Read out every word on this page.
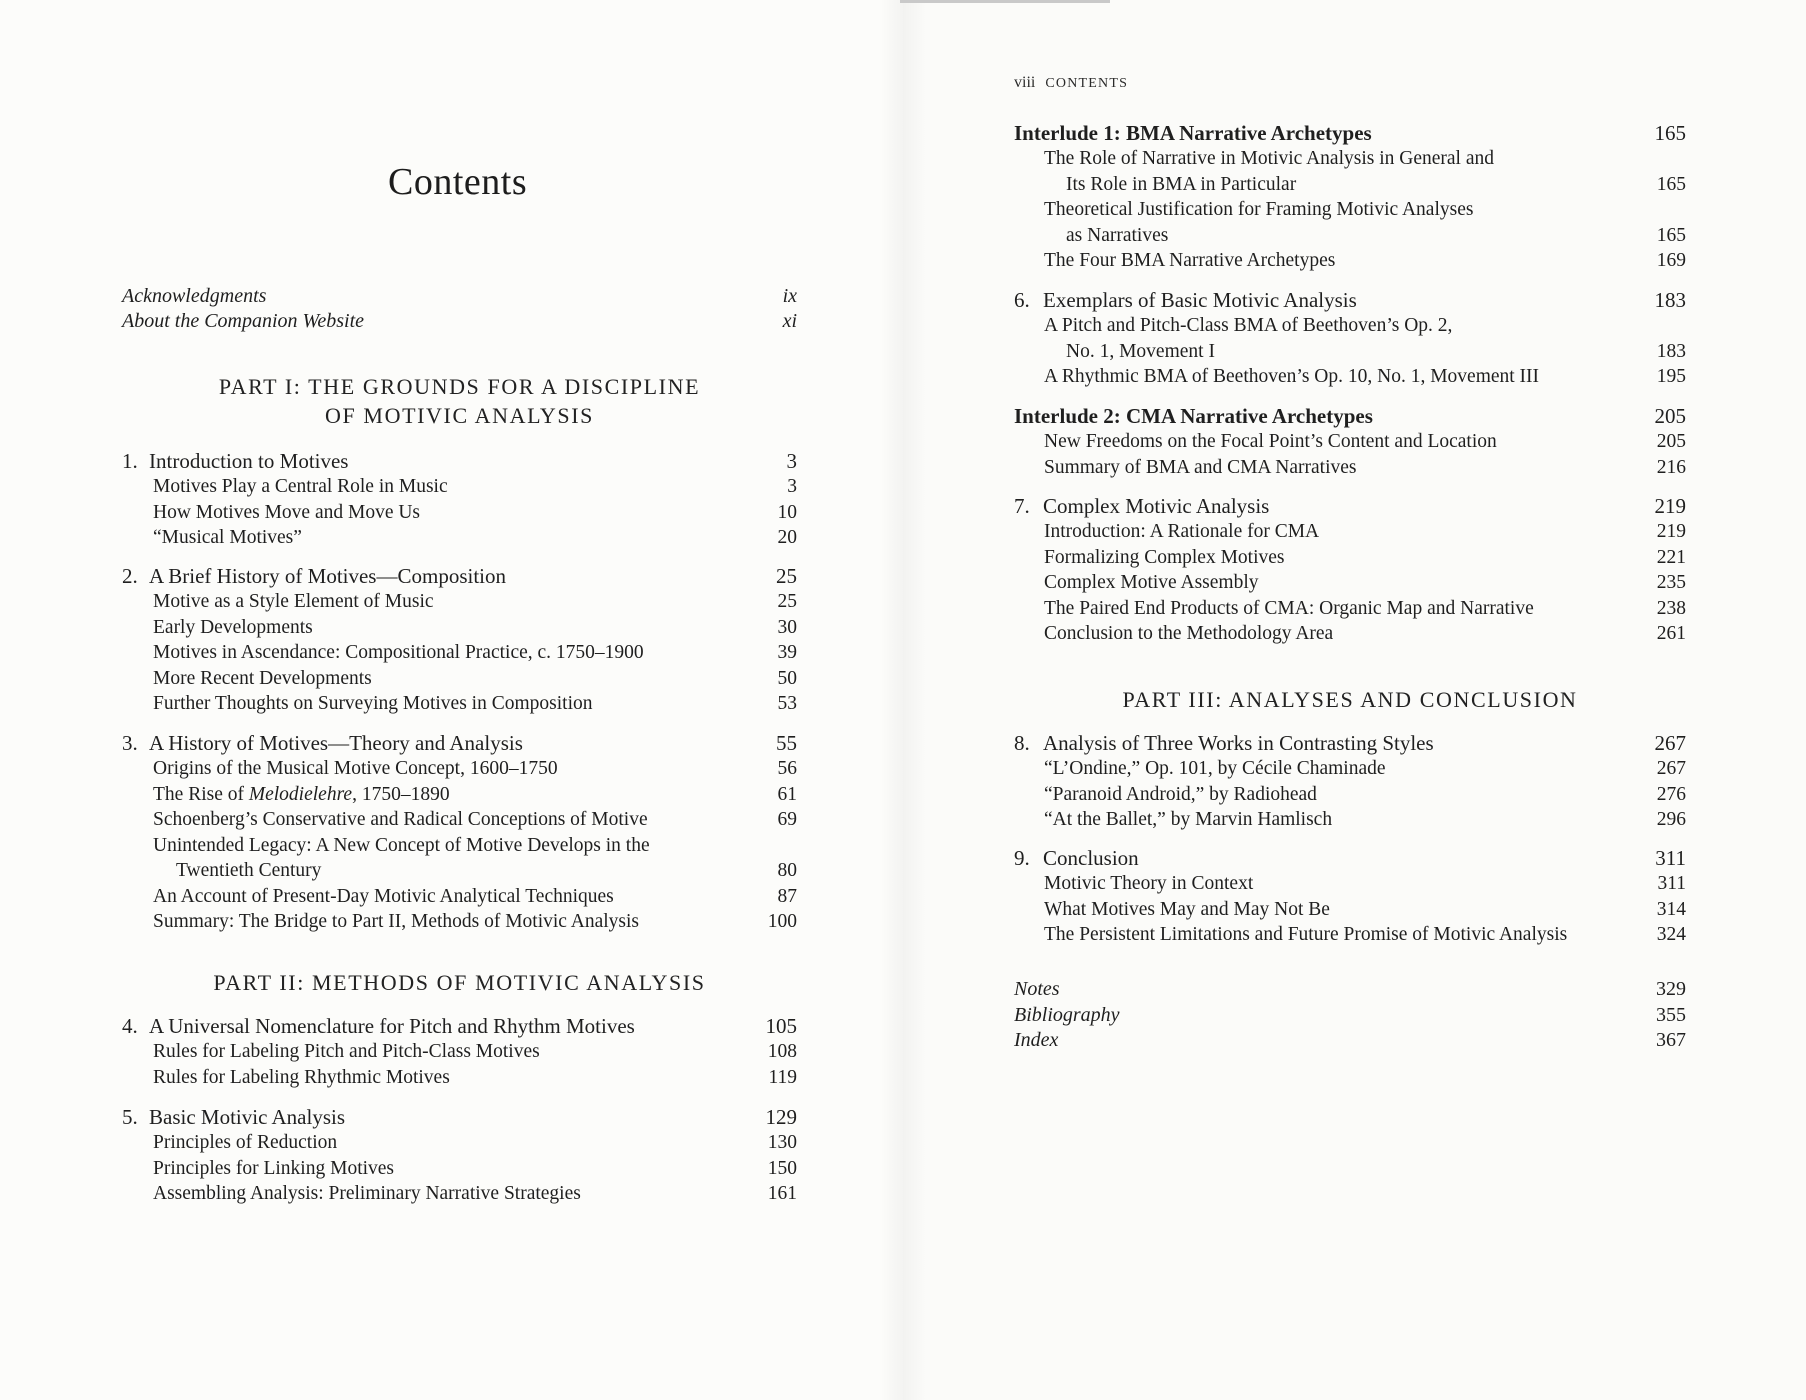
Contents
Acknowledgments	ix
About the Companion Website	xi
PART I: THE GROUNDS FOR A DISCIPLINE
OF MOTIVIC ANALYSIS
1. Introduction to Motives	3
Motives Play a Central Role in Music	3
How Motives Move and Move Us	10
“Musical Motives”	20
2. A Brief History of Motives—Composition	25
Motive as a Style Element of Music	25
Early Developments	30
Motives in Ascendance: Compositional Practice, c. 1750–1900	39
More Recent Developments	50
Further Thoughts on Surveying Motives in Composition	53
3. A History of Motives—Theory and Analysis	55
Origins of the Musical Motive Concept, 1600–1750	56
The Rise of Melodielehre, 1750–1890	61
Schoenberg’s Conservative and Radical Conceptions of Motive	69
Unintended Legacy: A New Concept of Motive Develops in the
Twentieth Century	80
An Account of Present-Day Motivic Analytical Techniques	87
Summary: The Bridge to Part II, Methods of Motivic Analysis	100
PART II: METHODS OF MOTIVIC ANALYSIS
4. A Universal Nomenclature for Pitch and Rhythm Motives	105
Rules for Labeling Pitch and Pitch-Class Motives	108
Rules for Labeling Rhythmic Motives	119
5. Basic Motivic Analysis	129
Principles of Reduction	130
Principles for Linking Motives	150
Assembling Analysis: Preliminary Narrative Strategies	161
viii CONTENTS
Interlude 1: BMA Narrative Archetypes	165
The Role of Narrative in Motivic Analysis in General and
Its Role in BMA in Particular	165
Theoretical Justification for Framing Motivic Analyses
as Narratives	165
The Four BMA Narrative Archetypes	169
6. Exemplars of Basic Motivic Analysis	183
A Pitch and Pitch-Class BMA of Beethoven’s Op. 2,
No. 1, Movement I	183
A Rhythmic BMA of Beethoven’s Op. 10, No. 1, Movement III	195
Interlude 2: CMA Narrative Archetypes	205
New Freedoms on the Focal Point’s Content and Location	205
Summary of BMA and CMA Narratives	216
7. Complex Motivic Analysis	219
Introduction: A Rationale for CMA	219
Formalizing Complex Motives	221
Complex Motive Assembly	235
The Paired End Products of CMA: Organic Map and Narrative	238
Conclusion to the Methodology Area	261
PART III: ANALYSES AND CONCLUSION
8. Analysis of Three Works in Contrasting Styles	267
“L’Ondine,” Op. 101, by Cécile Chaminade	267
“Paranoid Android,” by Radiohead	276
“At the Ballet,” by Marvin Hamlisch	296
9. Conclusion	311
Motivic Theory in Context	311
What Motives May and May Not Be	314
The Persistent Limitations and Future Promise of Motivic Analysis	324
Notes	329
Bibliography	355
Index	367
